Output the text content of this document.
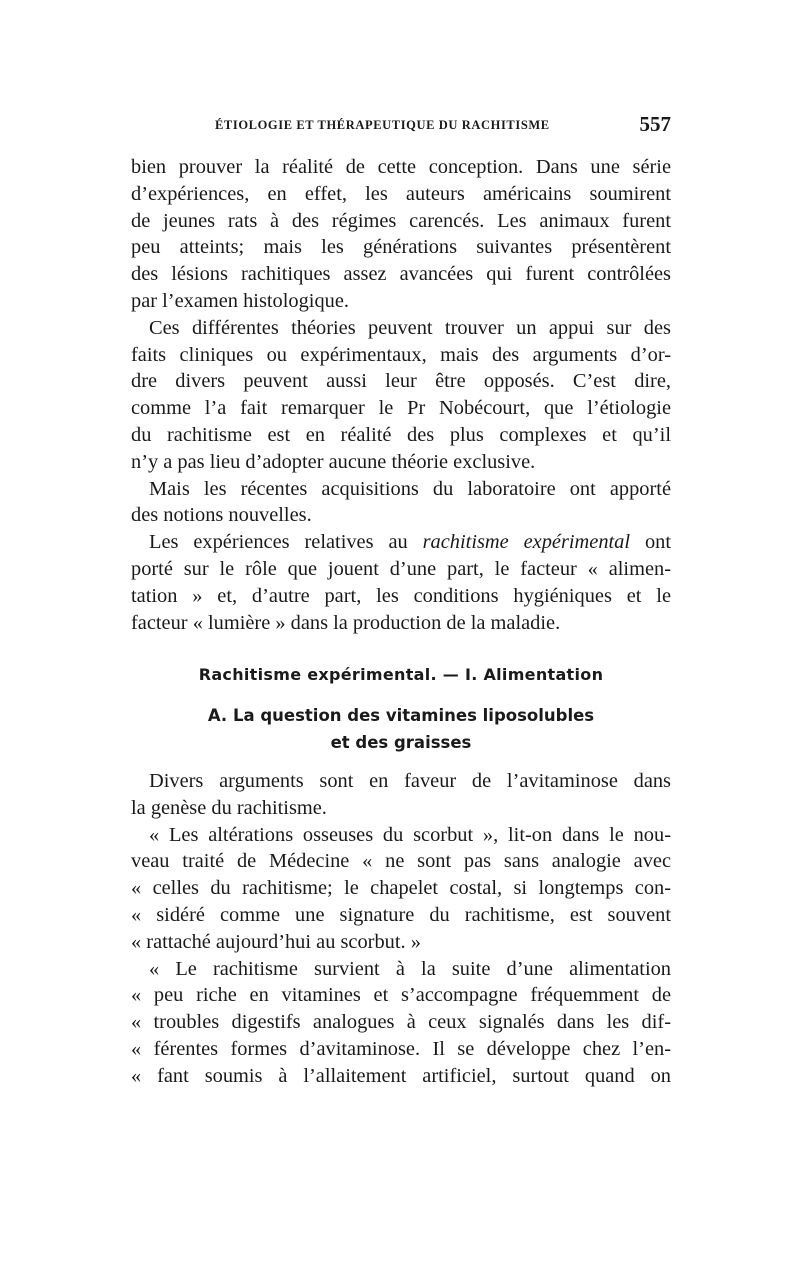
ÉTIOLOGIE ET THÉRAPEUTIQUE DU RACHITISME	557

bien prouver la réalité de cette conception. Dans une série

d’expériences, en effet, les auteurs américains soumirent

de jeunes rats à des régimes carencés. Les animaux furent

peu atteints; mais les générations suivantes présentèrent

des lésions rachitiques assez avancées qui furent contrôlées

par l’examen histologique.

Ces différentes théories peuvent trouver un appui sur des

faits cliniques ou expérimentaux, mais des arguments d’or-

dre divers peuvent aussi leur être opposés. C’est dire,

comme l’a fait remarquer le Pr Nobécourt, que l’étiologie

du rachitisme est en réalité des plus complexes et qu’il

n’y a pas lieu d’adopter aucune théorie exclusive.

Mais les récentes acquisitions du laboratoire ont apporté

des notions nouvelles.

Les expériences relatives au rachitisme expérimental ont

porté sur le rôle que jouent d’une part, le facteur « alimen-

tation » et, d’autre part, les conditions hygiéniques et le

facteur « lumière » dans la production de la maladie.

Rachitisme expérimental. — I. Alimentation
A. La question des vitamines liposolubles
et des graisses

Divers arguments sont en faveur de l’avitaminose dans

la genèse du rachitisme.

« Les altérations osseuses du scorbut », lit-on dans le nou-

veau traité de Médecine « ne sont pas sans analogie avec

« celles du rachitisme; le chapelet costal, si longtemps con-

« sidéré comme une signature du rachitisme, est souvent

« rattaché aujourd’hui au scorbut. »

« Le rachitisme survient à la suite d’une alimentation

« peu riche en vitamines et s’accompagne fréquemment de

« troubles digestifs analogues à ceux signalés dans les dif-

« férentes formes d’avitaminose. Il se développe chez l’en-

« fant soumis à l’allaitement artificiel, surtout quand on
